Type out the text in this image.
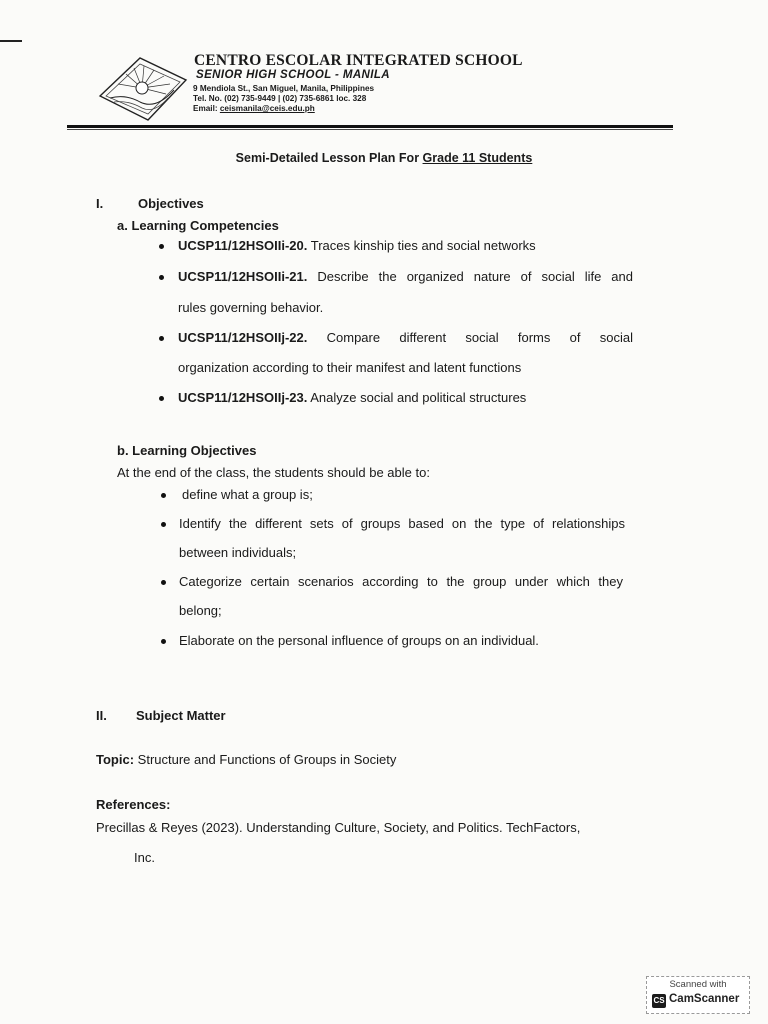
CENTRO ESCOLAR INTEGRATED SCHOOL
SENIOR HIGH SCHOOL - MANILA
9 Mendiola St., San Miguel, Manila, Philippines
Tel. No. (02) 735-9449 | (02) 735-6861 loc. 328
Email: ceismanila@ceis.edu.ph
Semi-Detailed Lesson Plan For Grade 11 Students
I.	Objectives
a. Learning Competencies
UCSP11/12HSOIIi-20. Traces kinship ties and social networks
UCSP11/12HSOIIi-21. Describe the organized nature of social life and
rules governing behavior.
UCSP11/12HSOIIj-22. Compare different social forms of social
organization according to their manifest and latent functions
UCSP11/12HSOIIj-23. Analyze social and political structures
b. Learning Objectives
At the end of the class, the students should be able to:
define what a group is;
Identify the different sets of groups based on the type of relationships
between individuals;
Categorize certain scenarios according to the group under which they
belong;
Elaborate on the personal influence of groups on an individual.
II. Subject Matter
Topic: Structure and Functions of Groups in Society
References:
Precillas & Reyes (2023). Understanding Culture, Society, and Politics. TechFactors,
Inc.
Scanned with
CS CamScanner
